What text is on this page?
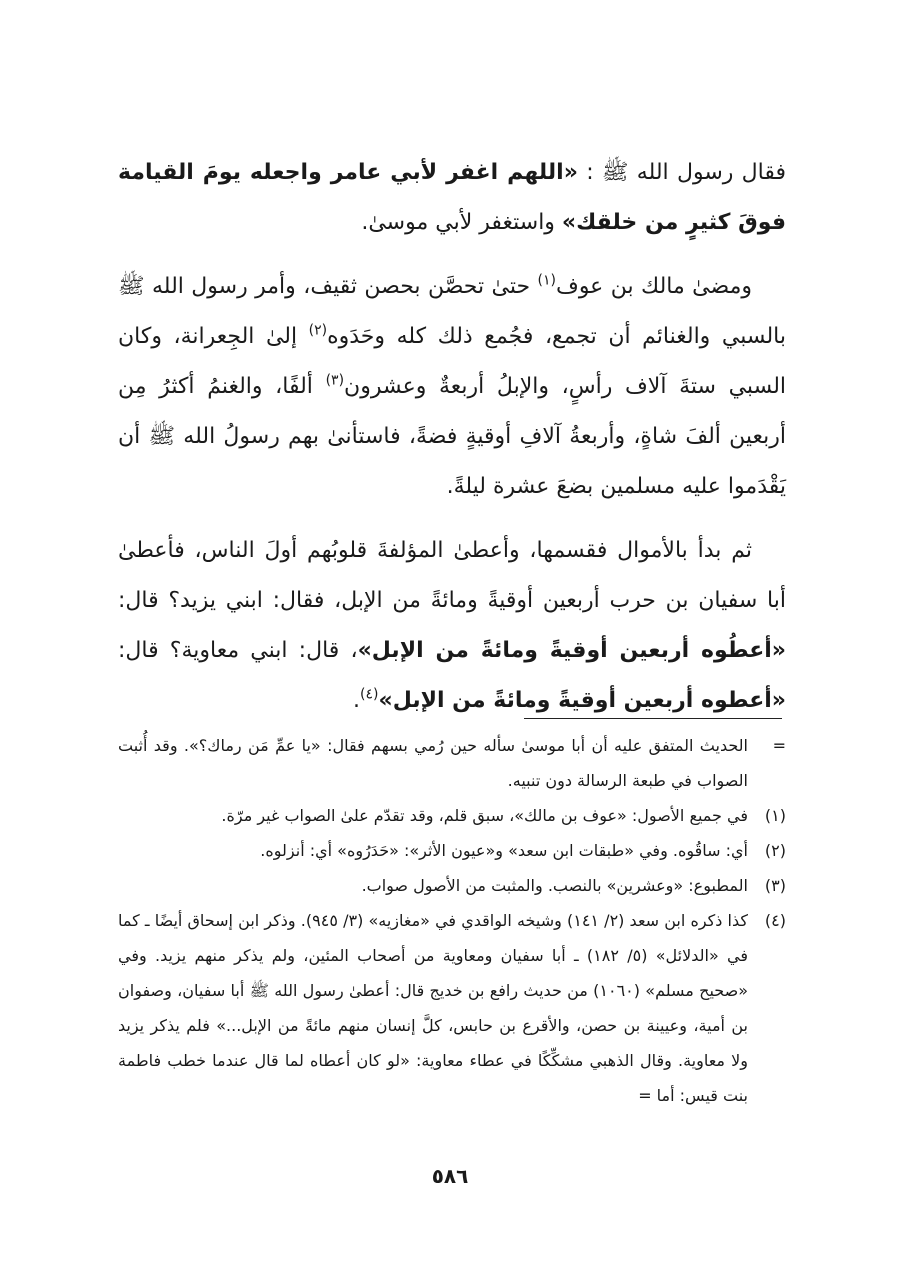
فقال رسول الله ﷺ : «اللهم اغفر لأبي عامر واجعله يومَ القيامة فوقَ كثيرٍ من خلقك» واستغفر لأبي موسىٰ.

ومضىٰ مالك بن عوف$^{(١)}$ حتىٰ تحصَّن بحصن ثقيف، وأمر رسول الله ﷺ بالسبي والغنائم أن تجمع، فجُمع ذلك كله وحَدَوه$^{(٢)}$ إلىٰ الجِعرانة، وكان السبي ستةَ آلاف رأسٍ، والإبلُ أربعةٌ وعشرون$^{(٣)}$ ألفًا، والغنمُ أكثرُ مِن أربعين ألفَ شاةٍ، وأربعةُ آلافِ أوقيةٍ فضةً، فاستأنىٰ بهم رسولُ الله ﷺ أن يَقْدَموا عليه مسلمين بضعَ عشرة ليلةً.

ثم بدأ بالأموال فقسمها، وأعطىٰ المؤلفةَ قلوبُهم أولَ الناس، فأعطىٰ أبا سفيان بن حرب أربعين أوقيةً ومائةً من الإبل، فقال: ابني يزيد؟ قال: «أعطُوه أربعين أوقيةً ومائةً من الإبل»، قال: ابني معاوية؟ قال: «أعطوه أربعين أوقيةً ومائةً من الإبل»$^{(٤)}$.

=
الحديث المتفق عليه أن أبا موسىٰ سأله حين رُمي بسهم فقال: «يا عمِّ مَن رماك؟». وقد أُثبت الصواب في طبعة الرسالة دون تنبيه.
(١)
في جميع الأصول: «عوف بن مالك»، سبق قلم، وقد تقدّم علىٰ الصواب غير مرّة.
(٢)
أي: ساقُوه. وفي «طبقات ابن سعد» و«عيون الأثر»: «حَدَرُوه» أي: أنزلوه.
(٣)
المطبوع: «وعشرين» بالنصب. والمثبت من الأصول صواب.
(٤)
كذا ذكره ابن سعد (٢/ ١٤١) وشيخه الواقدي في «مغازيه» (٣/ ٩٤٥). وذكر ابن إسحاق أيضًا ـ كما في «الدلائل» (٥/ ١٨٢) ـ أبا سفيان ومعاوية من أصحاب المئين، ولم يذكر منهم يزيد. وفي «صحيح مسلم» (١٠٦٠) من حديث رافع بن خديج قال: أعطىٰ رسول الله ﷺ أبا سفيان، وصفوان بن أمية، وعيينة بن حصن، والأقرع بن حابس، كلَّ إنسان منهم مائةً من الإبل...» فلم يذكر يزيد ولا معاوية. وقال الذهبي مشكِّكًا في عطاء معاوية: «لو كان أعطاه لما قال عندما خطب فاطمة بنت قيس: أما =
٥٨٦
